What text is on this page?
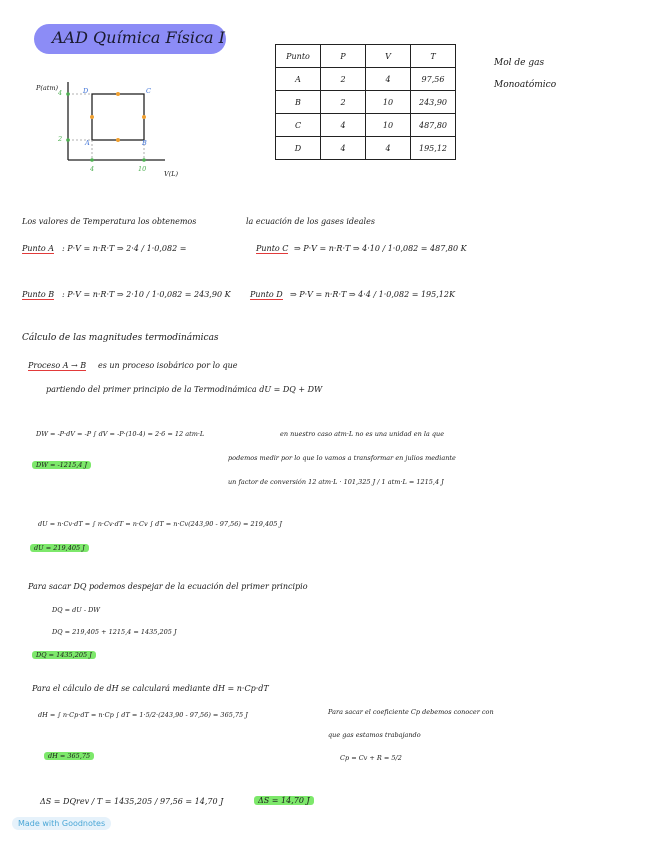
AAD Química Física I
P(atm)
V(L)
D	C
A	B
4
2
4	10
Punto	P	V	T
A	2	4	97,56
B	2	10	243,90
C	4	10	487,80
D	4	4	195,12
Mol de gas
Monoatómico
Los valores de Temperatura los obtenemos	la ecuación de los gases ideales
Punto A : P·V = n·R·T ⇒ 2·4 / 1·0,082 =	Punto C ⇒ P·V = n·R·T ⇒ 4·10 / 1·0,082 = 487,80 K
Punto B : P·V = n·R·T ⇒ 2·10 / 1·0,082 = 243,90 K Punto D ⇒ P·V = n·R·T ⇒ 4·4 / 1·0,082 = 195,12K
Cálculo de las magnitudes termodinámicas
Proceso A → B es un proceso isobárico por lo que
partiendo del primer principio de la Termodinámica dU = DQ + DW
DW = -P·dV = -P ∫ dV = -P·(10-4) = 2·6 = 12 atm·L	en nuestro caso atm·L no es una unidad en la que
podemos medir por lo que lo vamos a transformar en julios mediante
un factor de conversión 12 atm·L · 101,325 J / 1 atm·L = 1215,4 J
DW = -1215,4 J
dU = n·Cv·dT = ∫ n·Cv·dT = n·Cv ∫ dT = n·Cv(243,90 - 97,56) = 219,405 J
dU = 219,405 J
Para sacar DQ podemos despejar de la ecuación del primer principio
DQ = dU - DW
DQ = 219,405 + 1215,4 = 1435,205 J
DQ = 1435,205 J
Para el cálculo de dH se calculará mediante dH = n·Cp·dT
dH = ∫ n·Cp·dT = n·Cp ∫ dT = 1·5/2·(243,90 - 97,56) = 365,75 J	Para sacar el coeficiente Cp debemos conocer con
que gas estamos trabajando
Cp = Cv + R = 5/2
dH = 365,75
ΔS = DQrev / T = 1435,205 / 97,56 = 14,70 J	ΔS = 14,70 J
Made with Goodnotes
